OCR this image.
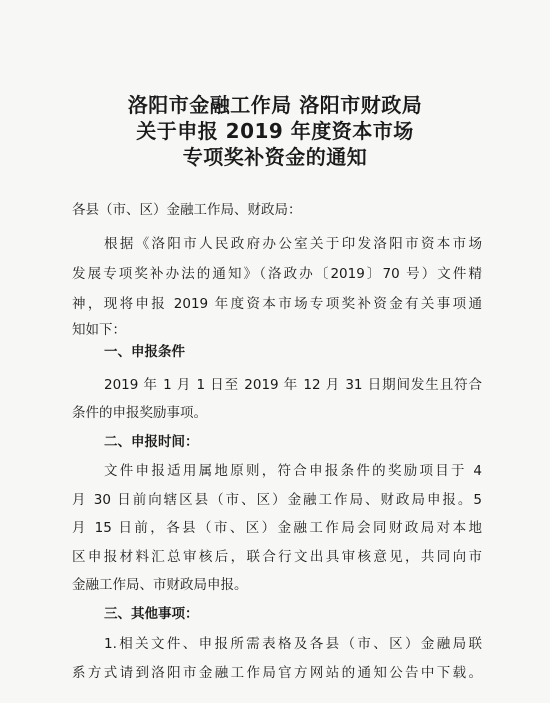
洛阳市金融工作局 洛阳市财政局
关于申报 2019 年度资本市场
专项奖补资金的通知
各县（市、区）金融工作局、财政局：
根据《洛阳市人民政府办公室关于印发洛阳市资本市场
发展专项奖补办法的通知》（洛政办〔2019〕70 号）文件精
神，现将申报 2019 年度资本市场专项奖补资金有关事项通
知如下：
一、申报条件
2019 年 1 月 1 日至 2019 年 12 月 31 日期间发生且符合
条件的申报奖励事项。
二、申报时间：
文件申报适用属地原则，符合申报条件的奖励项目于 4
月 30 日前向辖区县（市、区）金融工作局、财政局申报。5
月 15 日前，各县（市、区）金融工作局会同财政局对本地
区申报材料汇总审核后，联合行文出具审核意见，共同向市
金融工作局、市财政局申报。
三、其他事项：
1.相关文件、申报所需表格及各县（市、区）金融局联
系方式请到洛阳市金融工作局官方网站的通知公告中下载。
